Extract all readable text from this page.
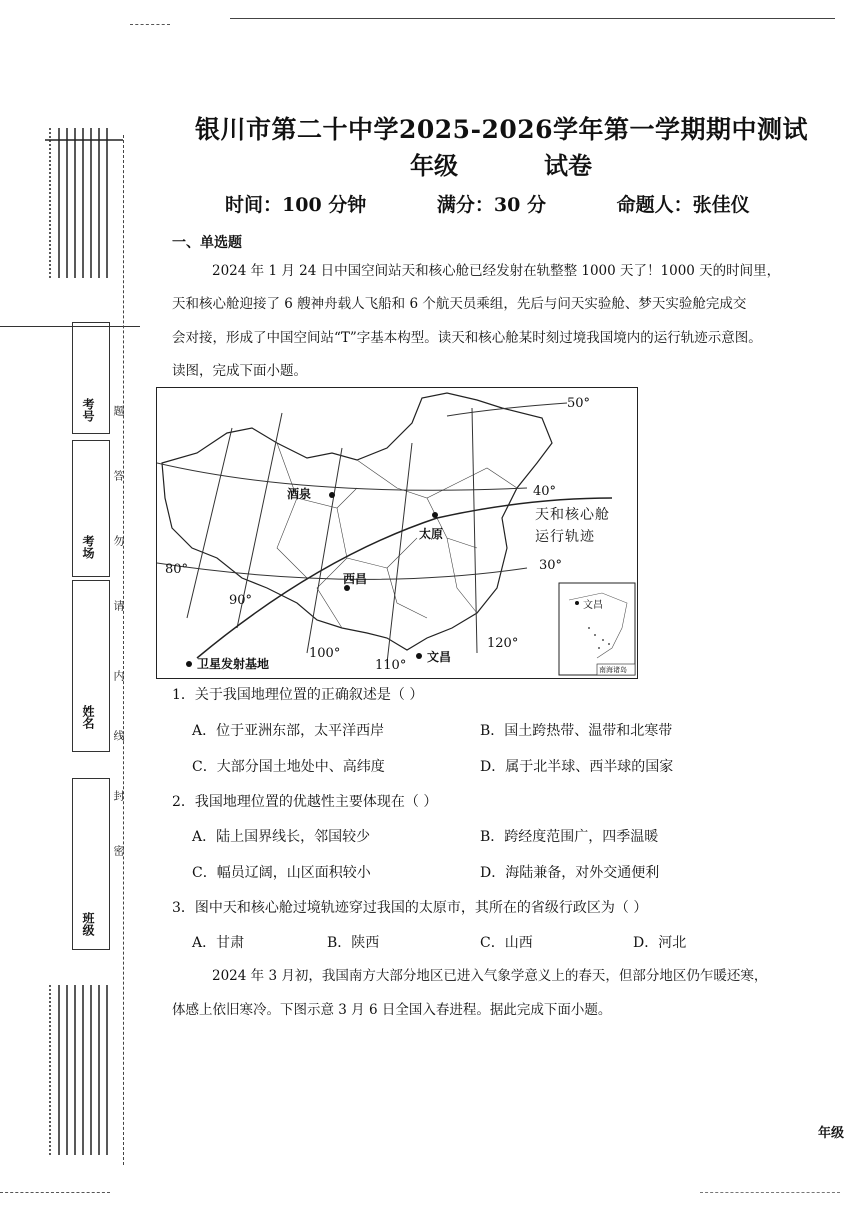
考号
考场
姓名
班级
题
答
勿
请
内
线
封
密
银川市第二十中学2025-2026学年第一学期期中测试
年级	试卷
时间：100 分钟	满分：30 分	命题人：张佳仪
一、单选题
2024 年 1 月 24 日中国空间站天和核心舱已经发射在轨整整 1000 天了！1000 天的时间里，
天和核心舱迎接了 6 艘神舟载人飞船和 6 个航天员乘组，先后与问天实验舱、梦天实验舱完成交
会对接，形成了中国空间站“T”字基本构型。读天和核心舱某时刻过境我国境内的运行轨迹示意图。
读图，完成下面小题。
50°
40°
30°
80°
90°
100°
110°
120°
酒泉
太原
西昌
文昌
天和核心舱
运行轨迹
卫星发射基地
文昌
南海诸岛
1．关于我国地理位置的正确叙述是（ ）
A．位于亚洲东部，太平洋西岸	B．国土跨热带、温带和北寒带
C．大部分国土地处中、高纬度	D．属于北半球、西半球的国家
2．我国地理位置的优越性主要体现在（ ）
A．陆上国界线长，邻国较少	B．跨经度范围广，四季温暖
C．幅员辽阔，山区面积较小	D．海陆兼备，对外交通便利
3．图中天和核心舱过境轨迹穿过我国的太原市，其所在的省级行政区为（ ）
A．甘肃	B．陕西	C．山西	D．河北
2024 年 3 月初，我国南方大部分地区已进入气象学意义上的春天，但部分地区仍乍暖还寒，
体感上依旧寒冷。下图示意 3 月 6 日全国入春进程。据此完成下面小题。
年级
